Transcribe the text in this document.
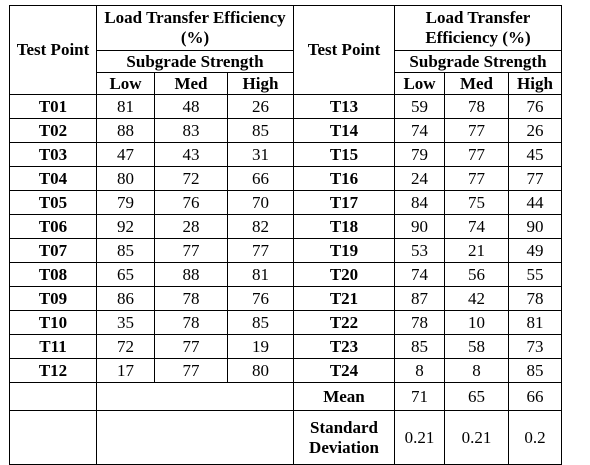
Test Point	Load Transfer Efficiency (%)			Test Point	Load Transfer Efficiency (%)		
	Subgrade Strength				Subgrade Strength		
	Low	Med	High		Low	Med	High
T01	81	48	26	T13	59	78	76
T02	88	83	85	T14	74	77	26
T03	47	43	31	T15	79	77	45
T04	80	72	66	T16	24	77	77
T05	79	76	70	T17	84	75	44
T06	92	28	82	T18	90	74	90
T07	85	77	77	T19	53	21	49
T08	65	88	81	T20	74	56	55
T09	86	78	76	T21	87	42	78
T10	35	78	85	T22	78	10	81
T11	72	77	19	T23	85	58	73
T12	17	77	80	T24	8	8	85
				Mean	71	65	66
				Standard Deviation	0.21	0.21	0.2
